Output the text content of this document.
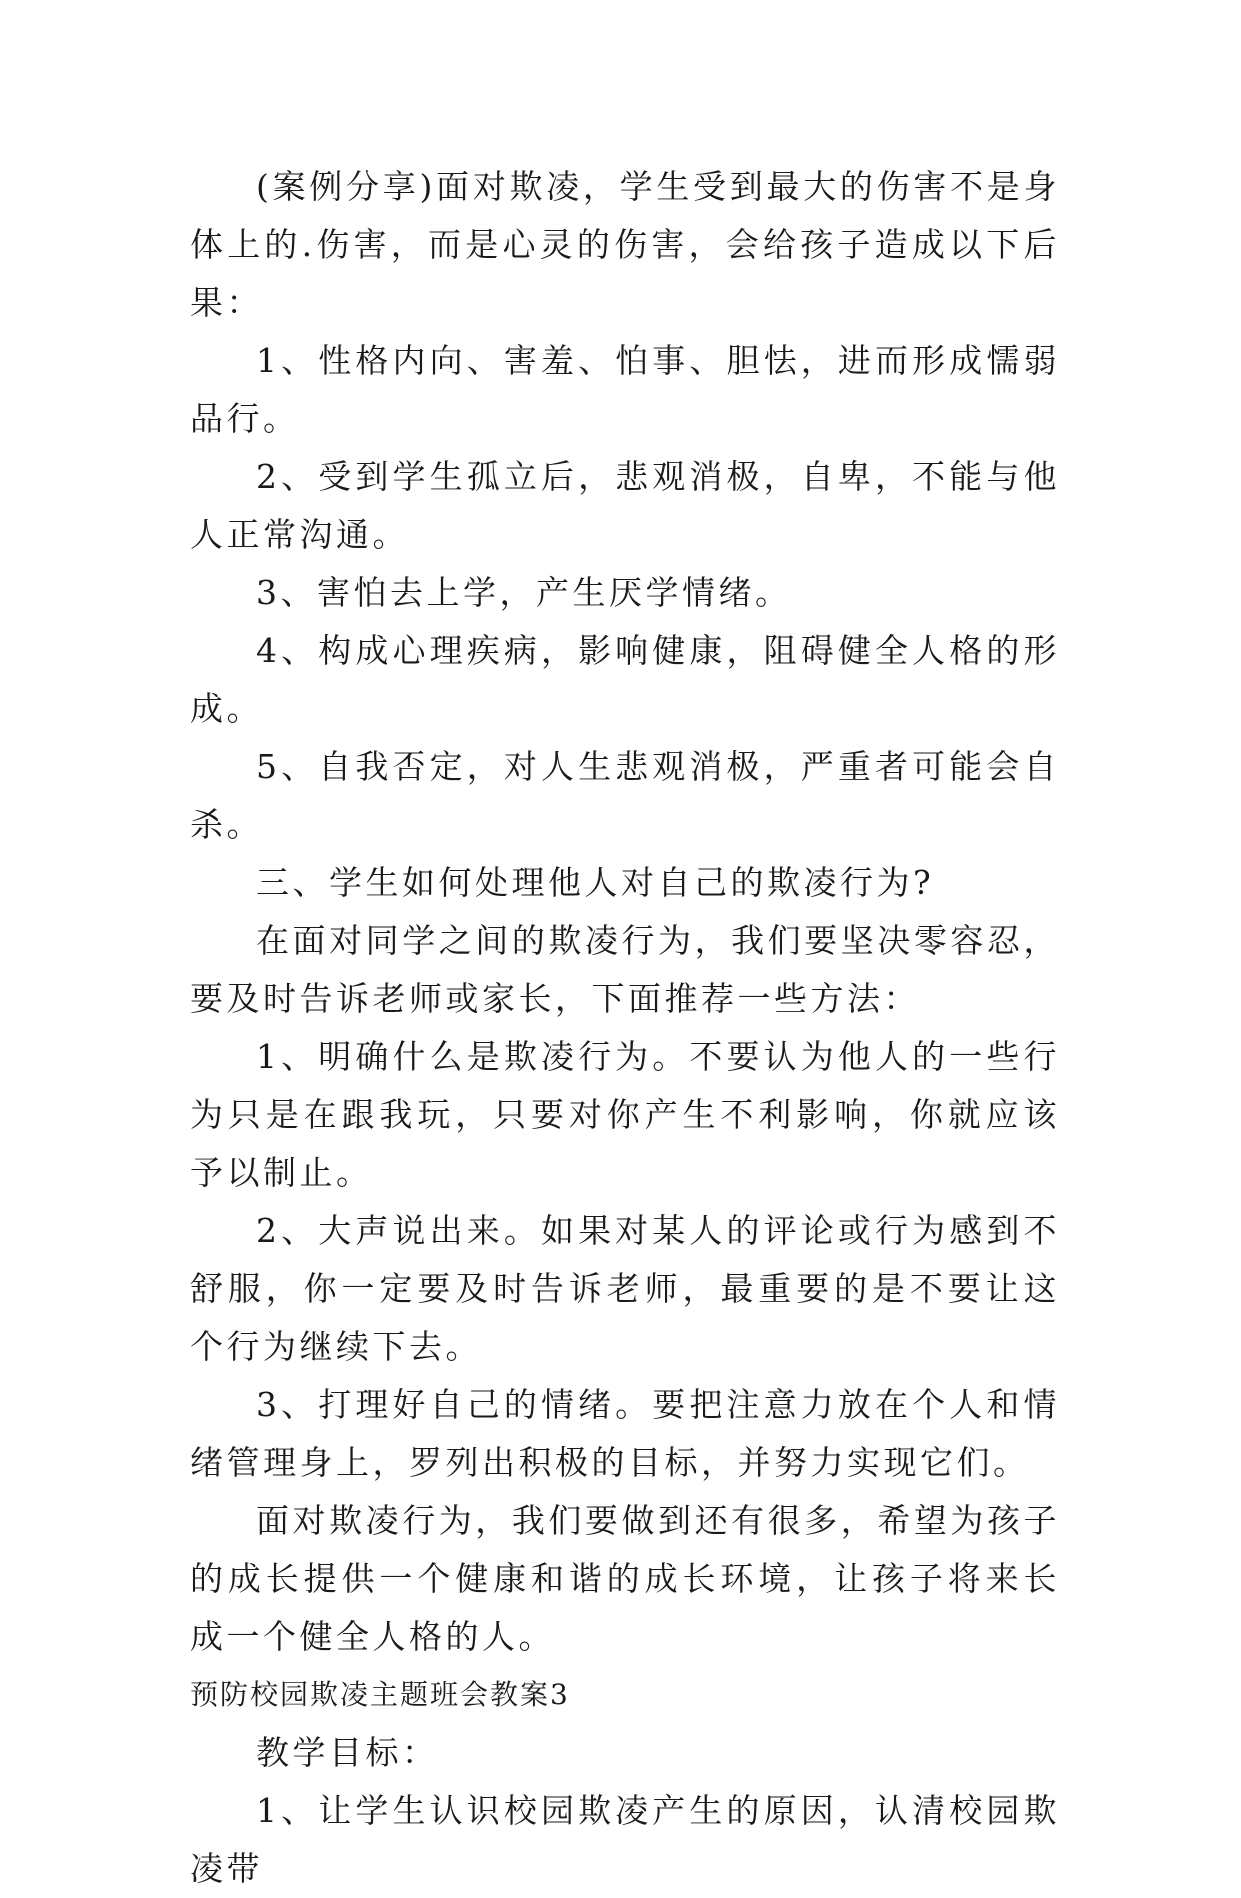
(案例分享)面对欺凌，学生受到最大的伤害不是身体上的.伤害，而是心灵的伤害，会给孩子造成以下后果：

1、性格内向、害羞、怕事、胆怯，进而形成懦弱品行。

2、受到学生孤立后，悲观消极，自卑，不能与他人正常沟通。

3、害怕去上学，产生厌学情绪。

4、构成心理疾病，影响健康，阻碍健全人格的形成。

5、自我否定，对人生悲观消极，严重者可能会自杀。

三、学生如何处理他人对自己的欺凌行为?

在面对同学之间的欺凌行为，我们要坚决零容忍，要及时告诉老师或家长，下面推荐一些方法：

1、明确什么是欺凌行为。不要认为他人的一些行为只是在跟我玩，只要对你产生不利影响，你就应该予以制止。

2、大声说出来。如果对某人的评论或行为感到不舒服，你一定要及时告诉老师，最重要的是不要让这个行为继续下去。

3、打理好自己的情绪。要把注意力放在个人和情绪管理身上，罗列出积极的目标，并努力实现它们。

面对欺凌行为，我们要做到还有很多，希望为孩子的成长提供一个健康和谐的成长环境，让孩子将来长成一个健全人格的人。

预防校园欺凌主题班会教案3

教学目标：

1、让学生认识校园欺凌产生的原因，认清校园欺凌带
